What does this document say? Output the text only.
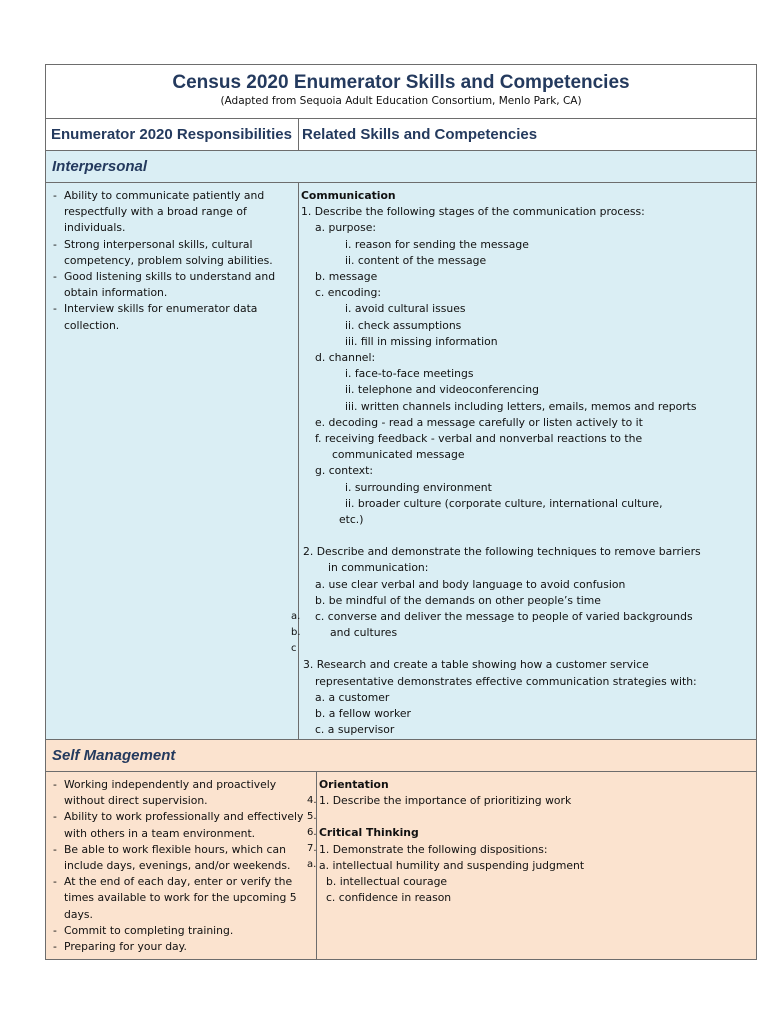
Census 2020 Enumerator Skills and Competencies
(Adapted from Sequoia Adult Education Consortium, Menlo Park, CA)
Enumerator 2020 Responsibilities Related Skills and Competencies
Interpersonal
- Ability to communicate patiently and respectfully with a broad range of individuals.
- Strong interpersonal skills, cultural competency, problem solving abilities.
- Good listening skills to understand and obtain information.
- Interview skills for enumerator data collection.
a.
b.
c
Communication
1. Describe the following stages of the communication process:
a. purpose:
i. reason for sending the message
ii. content of the message
b. message
c. encoding:
i. avoid cultural issues
ii. check assumptions
iii. fill in missing information
d. channel:
i. face-to-face meetings
ii. telephone and videoconferencing
iii. written channels including letters, emails, memos and reports
e. decoding - read a message carefully or listen actively to it
f. receiving feedback - verbal and nonverbal reactions to the
communicated message
g. context:
i. surrounding environment
ii. broader culture (corporate culture, international culture,
etc.)
2. Describe and demonstrate the following techniques to remove barriers
in communication:
a. use clear verbal and body language to avoid confusion
b. be mindful of the demands on other people’s time
c. converse and deliver the message to people of varied backgrounds
and cultures
3. Research and create a table showing how a customer service
representative demonstrates effective communication strategies with:
a. a customer
b. a fellow worker
c. a supervisor
Self Management
- Working independently and proactively without direct supervision.
- Ability to work professionally and effectively with others in a team environment.
- Be able to work flexible hours, which can include days, evenings, and/or weekends.
- At the end of each day, enter or verify the times available to work for the upcoming 5 days.
- Commit to completing training.
- Preparing for your day.
4.
5.
6.
7.
a.
Orientation
1. Describe the importance of prioritizing work
Critical Thinking
1. Demonstrate the following dispositions:
a. intellectual humility and suspending judgment
b. intellectual courage
c. confidence in reason
